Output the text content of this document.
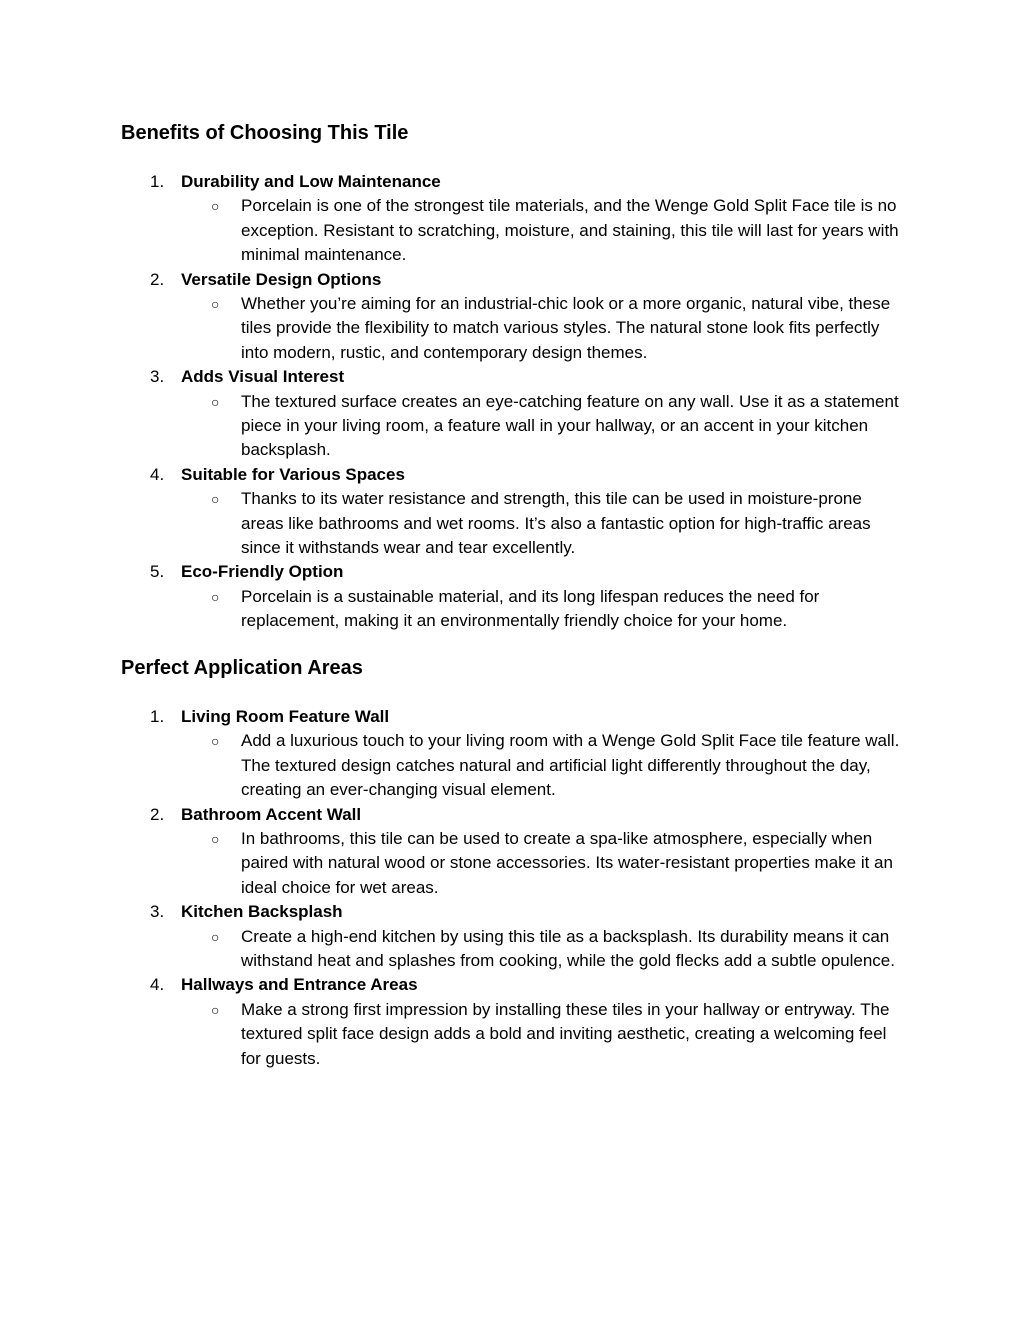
Benefits of Choosing This Tile
1. Durability and Low Maintenance
○ Porcelain is one of the strongest tile materials, and the Wenge Gold Split Face tile is no exception. Resistant to scratching, moisture, and staining, this tile will last for years with minimal maintenance.
2. Versatile Design Options
○ Whether you’re aiming for an industrial-chic look or a more organic, natural vibe, these tiles provide the flexibility to match various styles. The natural stone look fits perfectly into modern, rustic, and contemporary design themes.
3. Adds Visual Interest
○ The textured surface creates an eye-catching feature on any wall. Use it as a statement piece in your living room, a feature wall in your hallway, or an accent in your kitchen backsplash.
4. Suitable for Various Spaces
○ Thanks to its water resistance and strength, this tile can be used in moisture-prone areas like bathrooms and wet rooms. It’s also a fantastic option for high-traffic areas since it withstands wear and tear excellently.
5. Eco-Friendly Option
○ Porcelain is a sustainable material, and its long lifespan reduces the need for replacement, making it an environmentally friendly choice for your home.
Perfect Application Areas
1. Living Room Feature Wall
○ Add a luxurious touch to your living room with a Wenge Gold Split Face tile feature wall. The textured design catches natural and artificial light differently throughout the day, creating an ever-changing visual element.
2. Bathroom Accent Wall
○ In bathrooms, this tile can be used to create a spa-like atmosphere, especially when paired with natural wood or stone accessories. Its water-resistant properties make it an ideal choice for wet areas.
3. Kitchen Backsplash
○ Create a high-end kitchen by using this tile as a backsplash. Its durability means it can withstand heat and splashes from cooking, while the gold flecks add a subtle opulence.
4. Hallways and Entrance Areas
○ Make a strong first impression by installing these tiles in your hallway or entryway. The textured split face design adds a bold and inviting aesthetic, creating a welcoming feel for guests.
